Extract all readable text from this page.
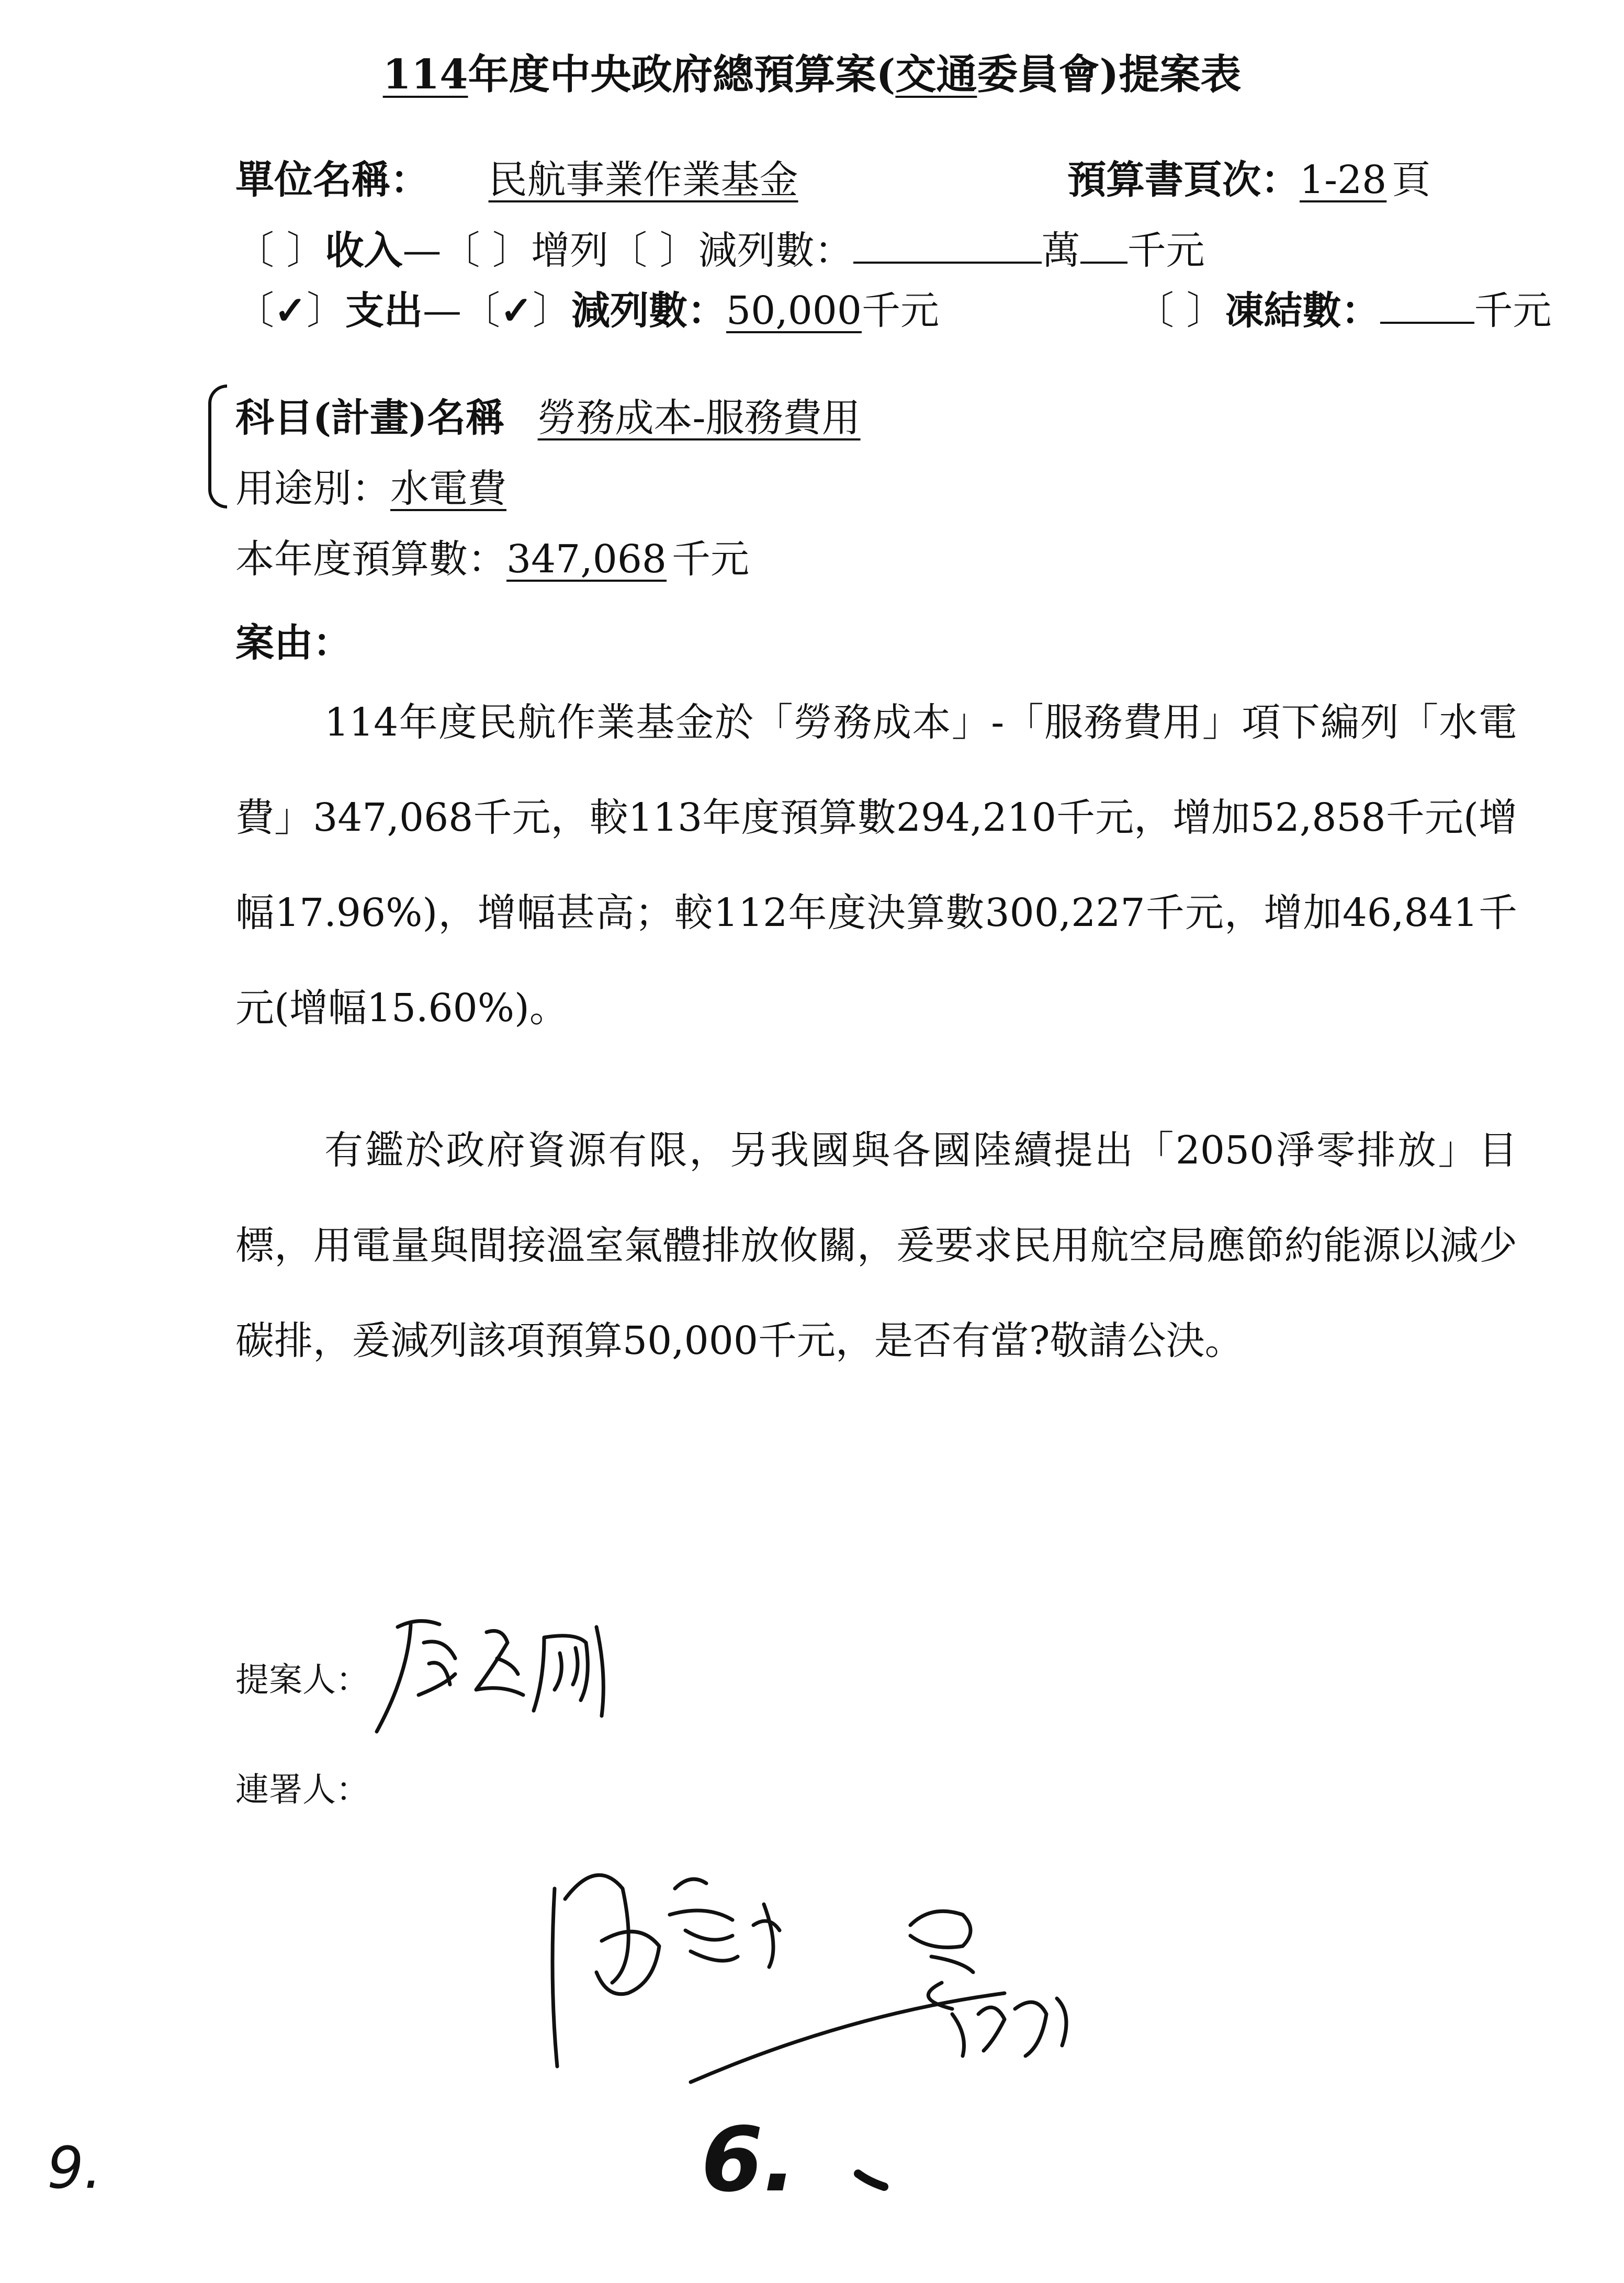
114年度中央政府總預算案(交通委員會)提案表
單位名稱： 民航事業作業基金	預算書頁次：1-28 頁
〔 〕收入—〔 〕增列〔 〕減列數：	萬 千元
〔✓〕支出—〔✓〕減列數：50,000千元	〔 〕凍結數： 千元
科目(計畫)名稱 勞務成本-服務費用
用途別：水電費
本年度預算數：347,068 千元
案由：

114年度民航作業基金於「勞務成本」-「服務費用」項下編列「水電費」347,068千元，較113年度預算數294,210千元，增加52,858千元(增幅17.96%)，增幅甚高；較112年度決算數300,227千元，增加46,841千元(增幅15.60%)。

有鑑於政府資源有限，另我國與各國陸續提出「2050淨零排放」目標，用電量與間接溫室氣體排放攸關，爰要求民用航空局應節約能源以減少碳排，爰減列該項預算50,000千元，是否有當?敬請公決。

提案人：
連署人：
9.	6.
